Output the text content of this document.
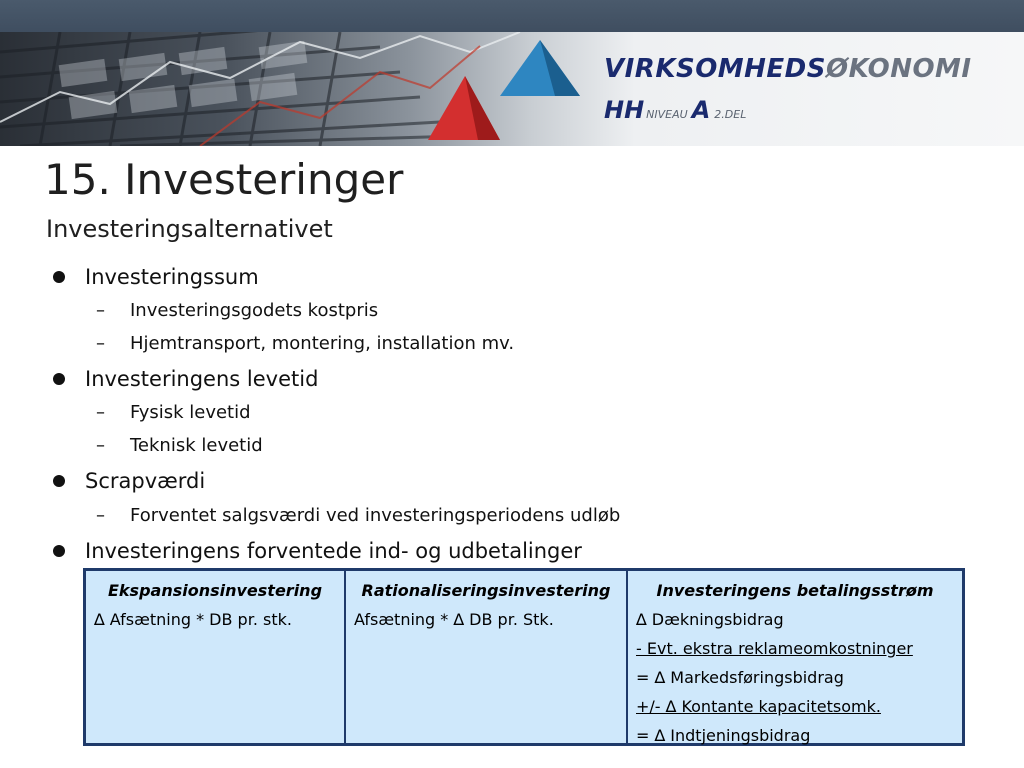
VIRKSOMHEDSØKONOMI
HH NIVEAU A 2.DEL
15. Investeringer
Investeringsalternativet
Investeringssum
– Investeringsgodets kostpris
– Hjemtransport, montering, installation mv.
Investeringens levetid
– Fysisk levetid
– Teknisk levetid
Scrapværdi
– Forventet salgsværdi ved investeringsperiodens udløb
Investeringens forventede ind- og udbetalinger
Ekspansionsinvestering
∆ Afsætning * DB pr. stk.
Rationaliseringsinvestering
Afsætning * ∆ DB pr. Stk.
Investeringens betalingsstrøm
∆ Dækningsbidrag
- Evt. ekstra reklameomkostninger
= ∆ Markedsføringsbidrag
+/- ∆ Kontante kapacitetsomk.
= ∆ Indtjeningsbidrag
